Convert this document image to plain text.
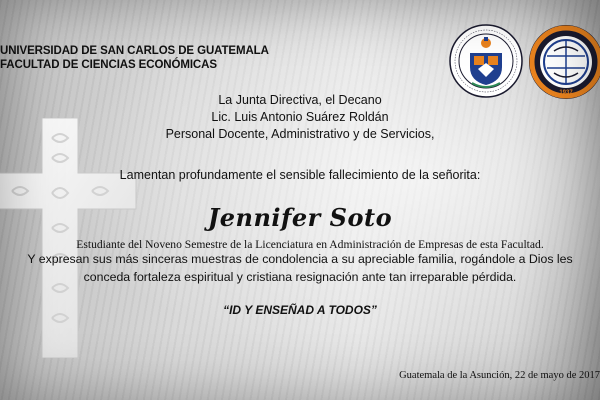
UNIVERSIDAD DE SAN CARLOS DE GUATEMALA
FACULTAD DE CIENCIAS ECONÓMICAS
1937
La Junta Directiva, el Decano
Lic. Luis Antonio Suárez Roldán
Personal Docente, Administrativo y de Servicios,
Lamentan profundamente el sensible fallecimiento de la señorita:
Jennifer Soto
Estudiante del Noveno Semestre de la Licenciatura en Administración de Empresas de esta Facultad.
Y expresan sus más sinceras muestras de condolencia a su apreciable familia, rogándole a Dios les
conceda fortaleza espiritual y cristiana resignación ante tan irreparable pérdida.
“ID Y ENSEÑAD A TODOS”
Guatemala de la Asunción, 22 de mayo de 2017
